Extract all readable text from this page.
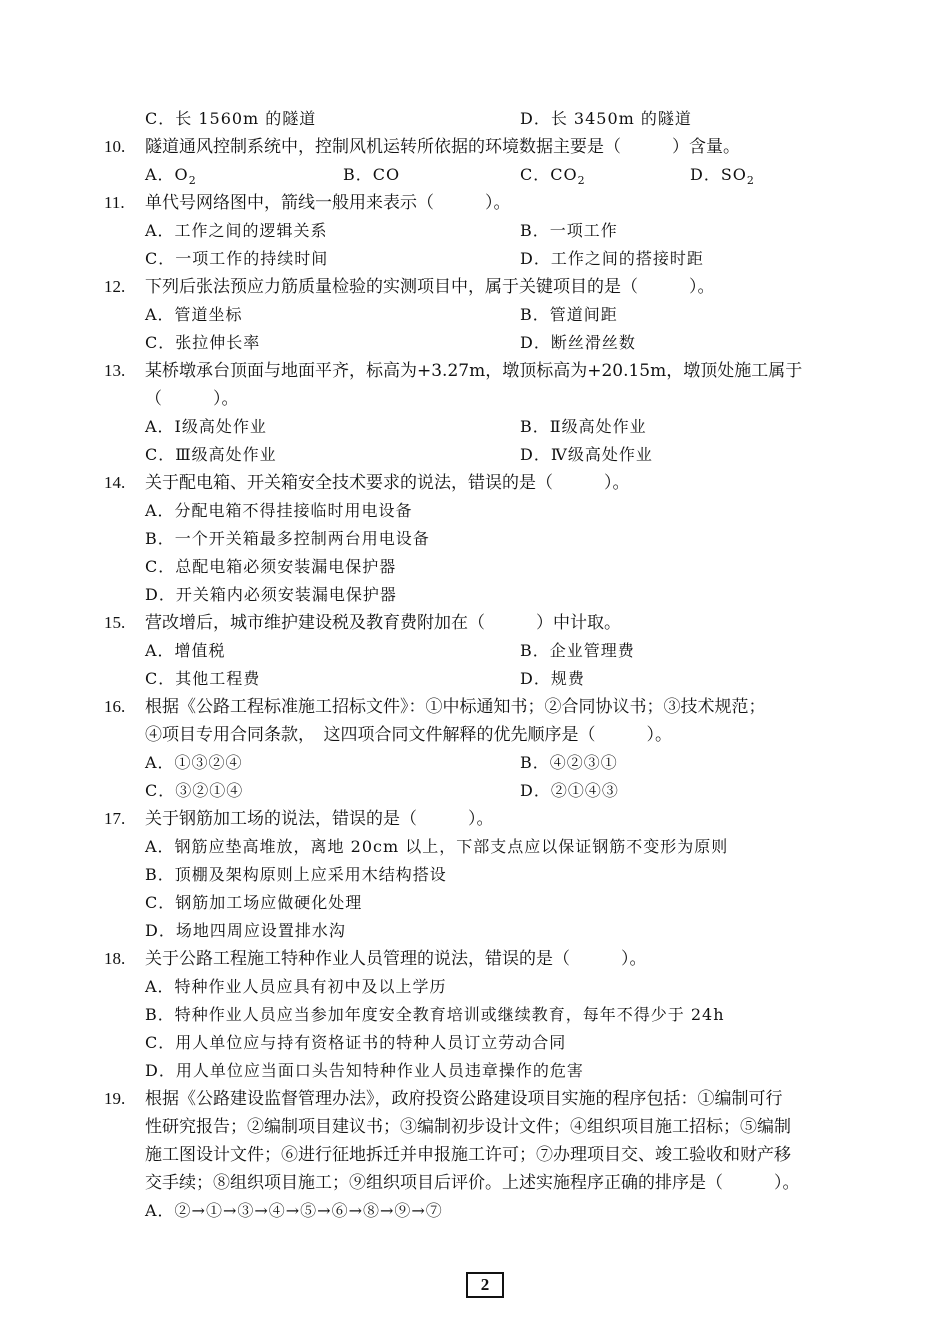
C．长 1560m 的隧道	D．长 3450m 的隧道
10.	隧道通风控制系统中，控制风机运转所依据的环境数据主要是（　　　）含量。
A．$O_2$	B．CO	C．$CO_2$	D．$SO_2$
11.	单代号网络图中，箭线一般用来表示（　　　）。
A．工作之间的逻辑关系	B．一项工作
C．一项工作的持续时间	D．工作之间的搭接时距
12.	下列后张法预应力筋质量检验的实测项目中，属于关键项目的是（　　　）。
A．管道坐标	B．管道间距
C．张拉伸长率	D．断丝滑丝数
13.	某桥墩承台顶面与地面平齐，标高为+3.27m，墩顶标高为+20.15m，墩顶处施工属于
（　　　）。
A．Ⅰ级高处作业	B．Ⅱ级高处作业
C．Ⅲ级高处作业	D．Ⅳ级高处作业
14.	关于配电箱、开关箱安全技术要求的说法，错误的是（　　　）。
A．分配电箱不得挂接临时用电设备
B．一个开关箱最多控制两台用电设备
C．总配电箱必须安装漏电保护器
D．开关箱内必须安装漏电保护器
15.	营改增后，城市维护建设税及教育费附加在（　　　）中计取。
A．增值税	B．企业管理费
C．其他工程费	D．规费
16.	根据《公路工程标准施工招标文件》：①中标通知书；②合同协议书；③技术规范；
④项目专用合同条款，　这四项合同文件解释的优先顺序是（　　　）。
A．①③②④	B．④②③①
C．③②①④	D．②①④③
17.	关于钢筋加工场的说法，错误的是（　　　）。
A．钢筋应垫高堆放，离地 20cm 以上，下部支点应以保证钢筋不变形为原则
B．顶棚及架构原则上应采用木结构搭设
C．钢筋加工场应做硬化处理
D．场地四周应设置排水沟
18.	关于公路工程施工特种作业人员管理的说法，错误的是（　　　）。
A．特种作业人员应具有初中及以上学历
B．特种作业人员应当参加年度安全教育培训或继续教育，每年不得少于 24h
C．用人单位应与持有资格证书的特种人员订立劳动合同
D．用人单位应当面口头告知特种作业人员违章操作的危害
19.	根据《公路建设监督管理办法》，政府投资公路建设项目实施的程序包括：①编制可行
性研究报告；②编制项目建议书；③编制初步设计文件；④组织项目施工招标；⑤编制
施工图设计文件；⑥进行征地拆迁并申报施工许可；⑦办理项目交、竣工验收和财产移
交手续；⑧组织项目施工；⑨组织项目后评价。上述实施程序正确的排序是（　　　）。
A．②→①→③→④→⑤→⑥→⑧→⑨→⑦
2
